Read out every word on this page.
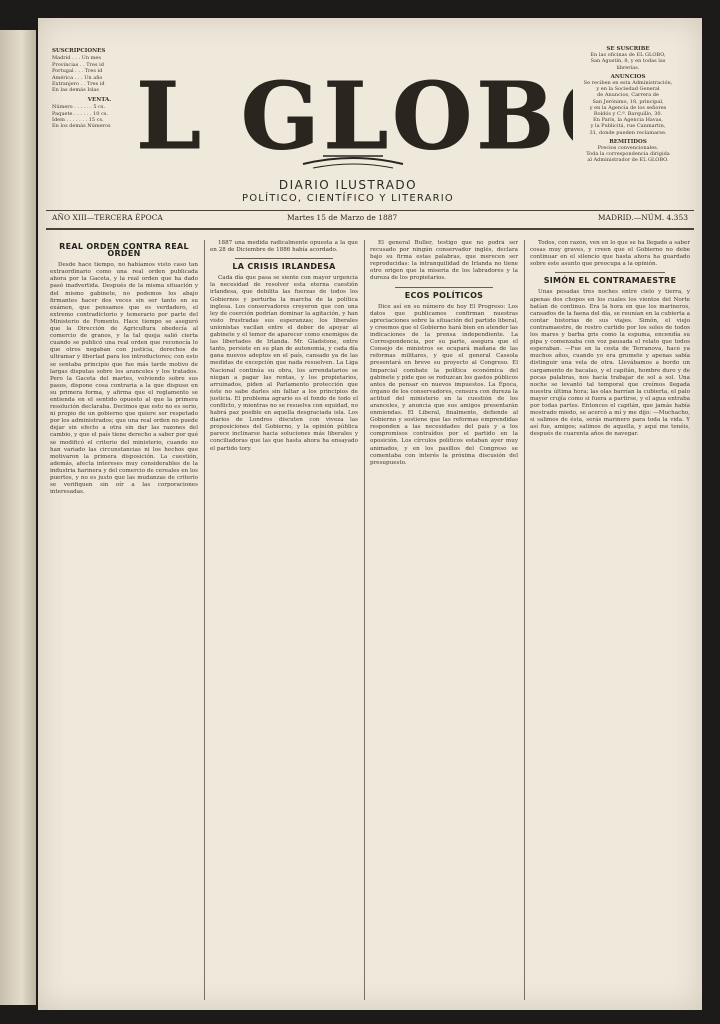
SUSCRIPCIONES
Madrid . . . Un mes
Provincias . . Tres id
Portugal . . . Tres id
América . . . Un año
Extranjero . . Tres id
En las demás Islas
VENTA.
Número . . . . . . 5 cs.
Paquete . . . . . . 10 cs.
Idem . . . . . . . 15 cs.
En los demás Números L GLOB
DIARIO ILUSTRADO
POLÍTICO, CIENTÍFICO Y LITERARIO
SE SUSCRIBE
En las oficinas de EL GLOBO,
San Agustín, 8, y en todas las
librerías.
ANUNCIOS
Se reciben en esta Administración,
y en la Sociedad General
de Anuncios, Carrera de
San Jerónimo, 18, principal,
y en la Agencia de los señores
Roldós y C.ª. Barquillo, 30.
En París, la Agencia Havas,
y la Publicitá, rue Canmartin,
31, donde pueden reclamarse.
REMITIDOS
Precios convencionales.
Toda la correspondencia dirigida
al Administrador de EL GLOBO.
AÑO XIII—TERCERA ÉPOCA	Martes 15 de Marzo de 1887	MADRID.—NÚM. 4.353
REAL ORDEN CONTRA REAL ORDEN

Desde hace tiempo, no habíamos visto caso tan extraordinario como una real orden publicada ahora por la Gaceta, y la real orden que ha dado pasó inadvertida. Después de la misma situación y del mismo gabinete, no podemos los abajo firmantes hacer dos veces sin ser tanto en su exámen, que pensamos que es verdadero, el extremo contradictorio y temerario por parte del Ministerio de Fomento. Hace tiempo se aseguró que la Dirección de Agricultura obedecía al comercio de granos, y la tal queja salió cierta cuando se publicó una real orden que reconocía lo que otros negaban con justicia, derechos de ultramar y libertad para los introductores; con esto se sentaba principio que fue más tarde motivo de largas disputas sobre los aranceles y los tratados. Pero la Gaceta del martes, volviendo sobre sus pasos, dispone cosa contraria a la que dispuso en su primera forma, y afirma que el reglamento se entienda en el sentido opuesto al que la primera resolución declaraba. Decimos que esto no es serio, ni propio de un gobierno que quiere ser respetado por los administrados; que una real orden no puede dejar sin efecto a otra sin dar las razones del cambio, y que el país tiene derecho a saber por qué se modificó el criterio del ministerio, cuando no han variado las circunstancias ni los hechos que motivaron la primera disposición. La cuestión, además, afecta intereses muy considerables de la industria harinera y del comercio de cereales en los puertos, y no es justo que las mudanzas de criterio se verifiquen sin oír a las corporaciones interesadas.

1887 una medida radicalmente opuesta a la que en 28 de Diciembre de 1886 había acordado.

LA CRISIS IRLANDESA

Cada día que pasa se siente con mayor urgencia la necesidad de resolver esta eterna cuestión irlandesa, que debilita las fuerzas de todos los Gobiernos y perturba la marcha de la política inglesa. Los conservadores creyeron que con una ley de coerción podrían dominar la agitación, y han visto frustradas sus esperanzas; los liberales unionistas vacilan entre el deber de apoyar al gabinete y el temor de aparecer como enemigos de las libertades de Irlanda. Mr. Gladstone, entre tanto, persiste en su plan de autonomía, y cada día gana nuevos adeptos en el país, cansado ya de las medidas de excepción que nada resuelven. La Liga Nacional continúa su obra, los arrendatarios se niegan a pagar las rentas, y los propietarios, arruinados, piden al Parlamento protección que éste no sabe darles sin faltar a los principios de justicia. El problema agrario es el fondo de todo el conflicto, y mientras no se resuelva con equidad, no habrá paz posible en aquella desgraciada isla. Los diarios de Londres discuten con viveza las proposiciones del Gobierno, y la opinión pública parece inclinarse hacia soluciones más liberales y conciliadoras que las que hasta ahora ha ensayado el partido tory.

El general Buller, testigo que no podrá ser recusado por ningún conservador inglés, declara bajo su firma estas palabras, que merecen ser reproducidas: la intranquilidad de Irlanda no tiene otro origen que la miseria de los labradores y la dureza de los propietarios.

ECOS POLÍTICOS

Dice así en su número de hoy El Progreso: Los datos que publicamos confirman nuestras apreciaciones sobre la situación del partido liberal, y creemos que el Gobierno hará bien en atender las indicaciones de la prensa independiente. La Correspondencia, por su parte, asegura que el Consejo de ministros se ocupará mañana de las reformas militares, y que el general Cassola presentará en breve su proyecto al Congreso. El Imparcial combate la política económica del gabinete y pide que se reduzcan los gastos públicos antes de pensar en nuevos impuestos. La Época, órgano de los conservadores, censura con dureza la actitud del ministerio en la cuestión de los aranceles, y anuncia que sus amigos presentarán enmiendas. El Liberal, finalmente, defiende al Gobierno y sostiene que las reformas emprendidas responden a las necesidades del país y a los compromisos contraídos por el partido en la oposición. Los círculos políticos estaban ayer muy animados, y en los pasillos del Congreso se comentaba con interés la próxima discusión del presupuesto.

Todos, con razón, ven en lo que se ha llegado a saber cosas muy graves, y creen que el Gobierno no debe continuar en el silencio que hasta ahora ha guardado sobre este asunto que preocupa a la opinión.

SIMÓN EL CONTRAMAESTRE

Unas pesadas tres noches entre cielo y tierra, y apenas dos chopos en los cuales los vientos del Norte batían de continuo. Era la hora en que los marineros, cansados de la faena del día, se reunían en la cubierta a contar historias de sus viajes. Simón, el viejo contramaestre, de rostro curtido por los soles de todos los mares y barba gris como la espuma, encendía su pipa y comenzaba con voz pausada el relato que todos esperaban. —Fue en la costa de Terranova, hace ya muchos años, cuando yo era grumete y apenas sabía distinguir una vela de otra. Llevábamos a bordo un cargamento de bacalao, y el capitán, hombre duro y de pocas palabras, nos hacía trabajar de sol a sol. Una noche se levantó tal temporal que creímos llegada nuestra última hora; las olas barrían la cubierta, el palo mayor crujía como si fuera a partirse, y el agua entraba por todas partes. Entonces el capitán, que jamás había mostrado miedo, se acercó a mí y me dijo: —Muchacho, si salimos de ésta, serás marinero para toda la vida. Y así fue, amigos; salimos de aquella, y aquí me tenéis, después de cuarenta años de navegar.
